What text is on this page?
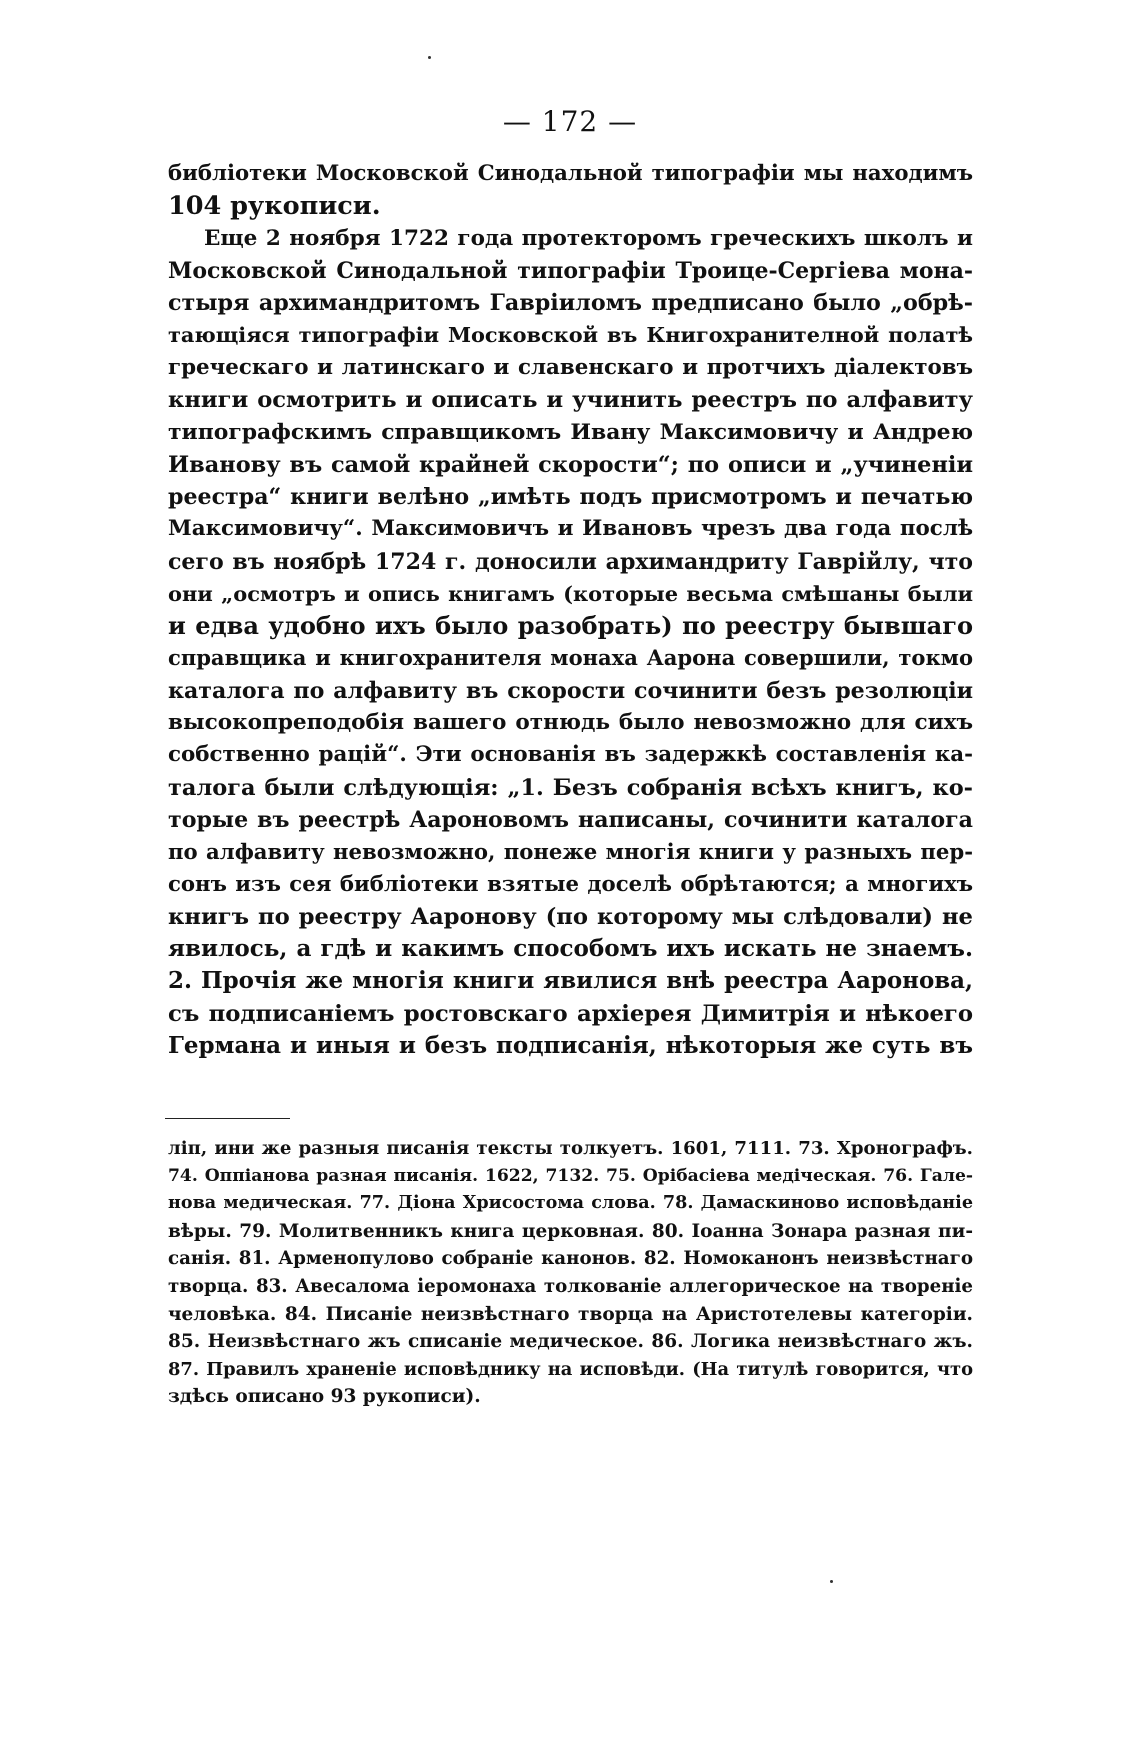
— 172 —
библіотеки Московской Синодальной типографіи мы находимъ
104 рукописи.
Еще 2 ноября 1722 года протекторомъ греческихъ школъ и
Московской Синодальной типографіи Троице-Сергіева мона-
стыря архимандритомъ Гавріиломъ предписано было „обрѣ-
тающіяся типографіи Московской въ Книгохранителной полатѣ
греческаго и латинскаго и славенскаго и протчихъ діалектовъ
книги осмотрить и описать и учинить реестръ по алфавиту
типографскимъ справщикомъ Ивану Максимовичу и Андрею
Иванову въ самой крайней скорости“; по описи и „учиненіи
реестра“ книги велѣно „имѣть подъ присмотромъ и печатью
Максимовичу“. Максимовичъ и Ивановъ чрезъ два года послѣ
сего въ ноябрѣ 1724 г. доносили архимандриту Гаврійлу, что
они „осмотръ и опись книгамъ (которые весьма смѣшаны были
и едва удобно ихъ было разобрать) по реестру бывшаго
справщика и книгохранителя монаха Аарона совершили, токмо
каталога по алфавиту въ скорости сочинити безъ резолюціи
высокопреподобія вашего отнюдь было невозможно для сихъ
собственно рацій“. Эти основанія въ задержкѣ составленія ка-
талога были слѣдующія: „1. Безъ собранія всѣхъ книгъ, ко-
торые въ реестрѣ Аароновомъ написаны, сочинити каталога
по алфавиту невозможно, понеже многія книги у разныхъ пер-
сонъ изъ сея библіотеки взятые доселѣ обрѣтаются; а многихъ
книгъ по реестру Ааронову (по которому мы слѣдовали) не
явилось, а гдѣ и какимъ способомъ ихъ искать не знаемъ.
2. Прочія же многія книги явилися внѣ реестра Ааронова,
съ подписаніемъ ростовскаго архіерея Димитрія и нѣкоего
Германа и иныя и безъ подписанія, нѣкоторыя же суть въ
ліп, ини же разныя писанія тексты толкуетъ. 1601, 7111. 73. Хронографъ.
74. Оппіанова разная писанія. 1622, 7132. 75. Орібасіева медіческая. 76. Гале-
нова медическая. 77. Діона Хрисостома слова. 78. Дамаскиново исповѣданіе
вѣры. 79. Молитвенникъ книга церковная. 80. Іоанна Зонара разная пи-
санія. 81. Арменопулово собраніе канонов. 82. Номоканонъ неизвѣстнаго
творца. 83. Авесалома іеромонаха толкованіе аллегорическое на твореніе
человѣка. 84. Писаніе неизвѣстнаго творца на Аристотелевы категоріи.
85. Неизвѣстнаго жъ списаніе медическое. 86. Логика неизвѣстнаго жъ.
87. Правилъ храненіе исповѣднику на исповѣди. (На титулѣ говорится, что
здѣсь описано 93 рукописи).
